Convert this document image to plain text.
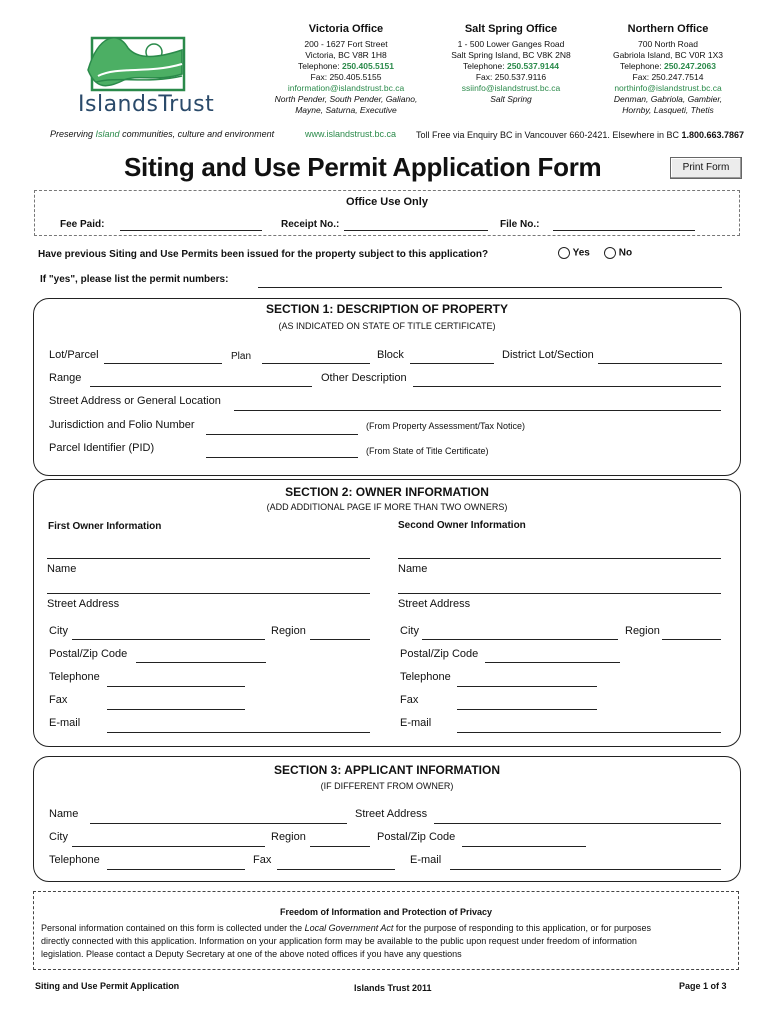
IslandsTrust
Preserving Island communities, culture and environment
Victoria Office
200 - 1627 Fort Street
Victoria, BC V8R 1H8
Telephone: 250.405.5151
Fax: 250.405.5155
information@islandstrust.bc.ca
North Pender, South Pender, Galiano,
Mayne, Saturna, Executive
Salt Spring Office
1 - 500 Lower Ganges Road
Salt Spring Island, BC V8K 2N8
Telephone: 250.537.9144
Fax: 250.537.9116
ssiinfo@islandstrust.bc.ca
Salt Spring
Northern Office
700 North Road
Gabriola Island, BC V0R 1X3
Telephone: 250.247.2063
Fax: 250.247.7514
northinfo@islandstrust.bc.ca
Denman, Gabriola, Gambier,
Hornby, Lasqueti, Thetis
www.islandstrust.bc.ca Toll Free via Enquiry BC in Vancouver 660-2421. Elsewhere in BC 1.800.663.7867
Siting and Use Permit Application Form	Print Form
Office Use Only
Fee Paid:	Receipt No.:	File No.:
Have previous Siting and Use Permits been issued for the property subject to this application?	Yes	No
If "yes", please list the permit numbers:
SECTION 1: DESCRIPTION OF PROPERTY
(AS INDICATED ON STATE OF TITLE CERTIFICATE)
Lot/Parcel	Plan	Block	District Lot/Section
Range	Other Description
Street Address or General Location
Jurisdiction and Folio Number	(From Property Assessment/Tax Notice)
Parcel Identifier (PID)	(From State of Title Certificate)
SECTION 2: OWNER INFORMATION
(ADD ADDITIONAL PAGE IF MORE THAN TWO OWNERS)
First Owner Information	Second Owner Information
Name
Street Address
City	Region
Postal/Zip Code
Telephone
Fax
E-mail
Name
Street Address
City	Region
Postal/Zip Code
Telephone
Fax
E-mail
SECTION 3: APPLICANT INFORMATION
(IF DIFFERENT FROM OWNER)
Name	Street Address
City	Region	Postal/Zip Code
Telephone	Fax	E-mail
Freedom of Information and Protection of Privacy
Personal information contained on this form is collected under the Local Government Act for the purpose of responding to this application, or for purposes
directly connected with this application. Information on your application form may be available to the public upon request under freedom of information
legislation. Please contact a Deputy Secretary at one of the above noted offices if you have any questions
Siting and Use Permit Application	Islands Trust 2011	Page 1 of 3
